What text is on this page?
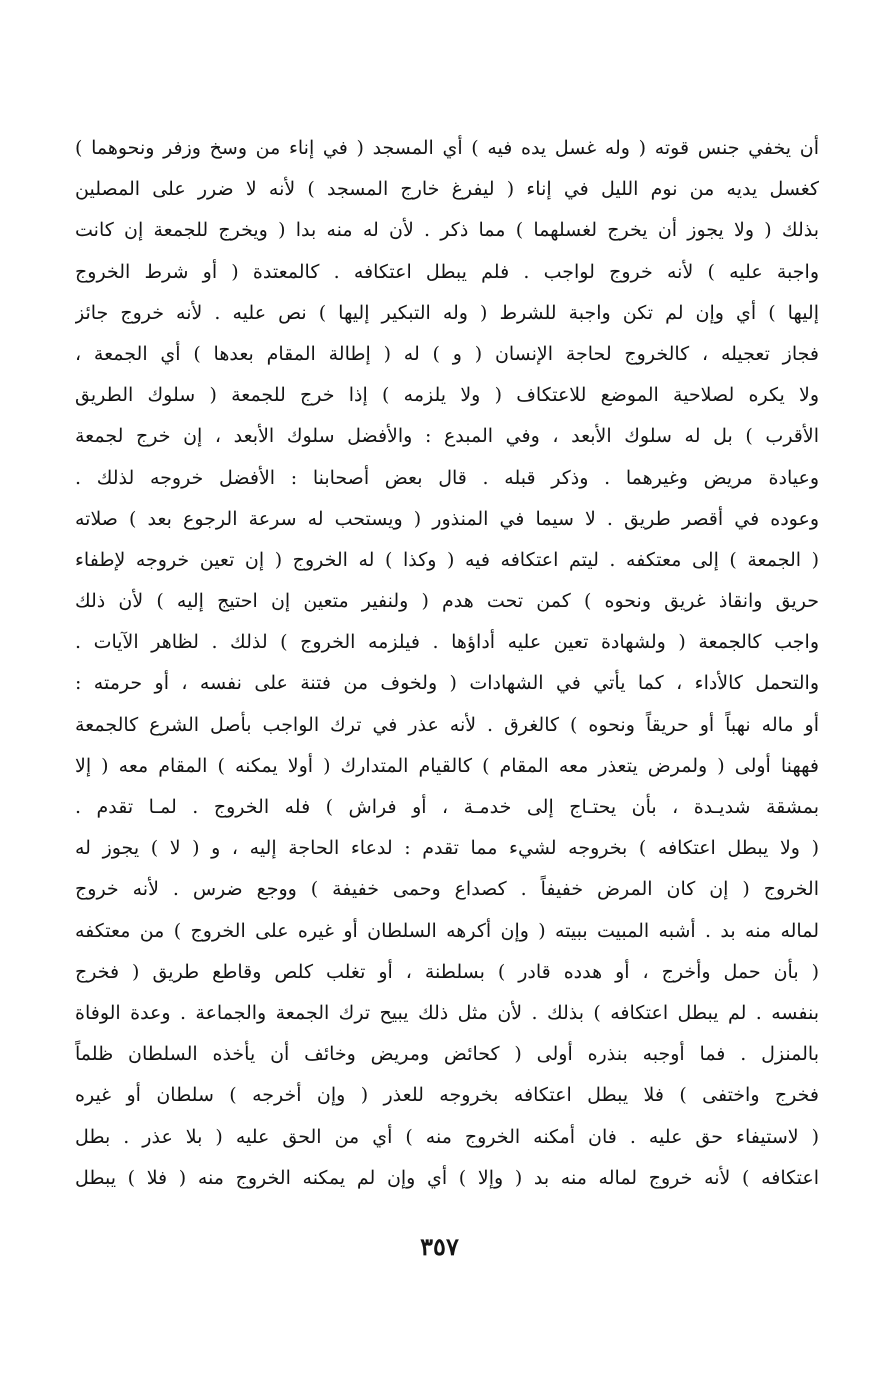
أن يخفي جنس قوته ( وله غسل يده فيه ) أي المسجد ( في إناء من وسخ وزفر ونحوهما )
كغسل يديه من نوم الليل في إناء ( ليفرغ خارج المسجد ) لأنه لا ضرر على المصلين
بذلك ( ولا يجوز أن يخرج لغسلهما ) مما ذكر . لأن له منه بدا ( ويخرج للجمعة إن كانت
واجبة عليه ) لأنه خروج لواجب . فلم يبطل اعتكافه . كالمعتدة ( أو شرط الخروج
إليها ) أي وإن لم تكن واجبة للشرط ( وله التبكير إليها ) نص عليه . لأنه خروج جائز
فجاز تعجيله ، كالخروج لحاجة الإنسان ( و ) له ( إطالة المقام بعدها ) أي الجمعة ،
ولا يكره لصلاحية الموضع للاعتكاف ( ولا يلزمه ) إذا خرج للجمعة ( سلوك الطريق
الأقرب ) بل له سلوك الأبعد ، وفي المبدع : والأفضل سلوك الأبعد ، إن خرج لجمعة
وعيادة مريض وغيرهما . وذكر قبله . قال بعض أصحابنا : الأفضل خروجه لذلك .
وعوده في أقصر طريق . لا سيما في المنذور ( ويستحب له سرعة الرجوع بعد ) صلاته
( الجمعة ) إلى معتكفه . ليتم اعتكافه فيه ( وكذا ) له الخروج ( إن تعين خروجه لإطفاء
حريق وانقاذ غريق ونحوه ) كمن تحت هدم ( ولنفير متعين إن احتيج إليه ) لأن ذلك
واجب كالجمعة ( ولشهادة تعين عليه أداؤها . فيلزمه الخروج ) لذلك . لظاهر الآيات .
والتحمل كالأداء ، كما يأتي في الشهادات ( ولخوف من فتنة على نفسه ، أو حرمته :
أو ماله نهباً أو حريقاً ونحوه ) كالغرق . لأنه عذر في ترك الواجب بأصل الشرع كالجمعة
فههنا أولى ( ولمرض يتعذر معه المقام ) كالقيام المتدارك ( أولا يمكنه ) المقام معه ( إلا
بمشقة شديـدة ، بأن يحتـاج إلى خدمـة ، أو فراش ) فله الخروج . لمـا تقدم .
( ولا يبطل اعتكافه ) بخروجه لشيء مما تقدم : لدعاء الحاجة إليه ، و ( لا ) يجوز له
الخروج ( إن كان المرض خفيفاً . كصداع وحمى خفيفة ) ووجع ضرس . لأنه خروج
لماله منه بد . أشبه المبيت ببيته ( وإن أكرهه السلطان أو غيره على الخروج ) من معتكفه
( بأن حمل وأخرج ، أو هدده قادر ) بسلطنة ، أو تغلب كلص وقاطع طريق ( فخرج
بنفسه . لم يبطل اعتكافه ) بذلك . لأن مثل ذلك يبيح ترك الجمعة والجماعة . وعدة الوفاة
بالمنزل . فما أوجبه بنذره أولى ( كحائض ومريض وخائف أن يأخذه السلطان ظلماً
فخرج واختفى ) فلا يبطل اعتكافه بخروجه للعذر ( وإن أخرجه ) سلطان أو غيره
( لاستيفاء حق عليه . فان أمكنه الخروج منه ) أي من الحق عليه ( بلا عذر . بطل
اعتكافه ) لأنه خروج لماله منه بد ( وإلا ) أي وإن لم يمكنه الخروج منه ( فلا ) يبطل
٣٥٧
